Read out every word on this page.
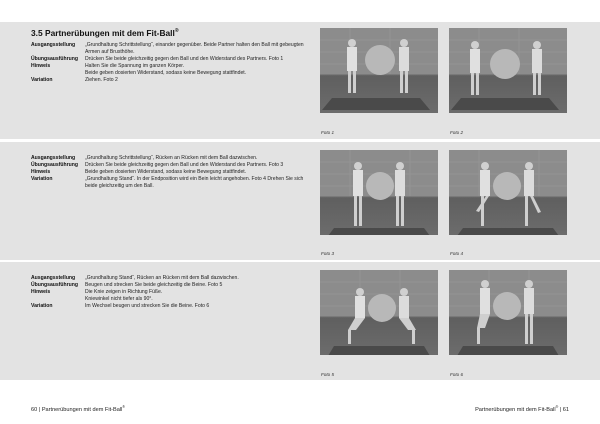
3.5 Partnerübungen mit dem Fit-Ball®
Ausgangsstellung	„Grundhaltung Schrittstellung“, einander gegenüber. Beide Partner halten den Ball mit gebeugten Armen auf Brusthöhe.
Übungsausführung	Drücken Sie beide gleichzeitig gegen den Ball und den Widerstand des Partners. Foto 1
Hinweis	Halten Sie die Spannung im ganzen Körper.
Beide geben dosierten Widerstand, sodass keine Bewegung stattfindet.
Variation	Ziehen. Foto 2
Ausgangsstellung	„Grundhaltung Schrittstellung“, Rücken an Rücken mit dem Ball dazwischen.
Übungsausführung	Drücken Sie beide gleichzeitig gegen den Ball und den Widerstand des Partners. Foto 3
Hinweis	Beide geben dosierten Widerstand, sodass keine Bewegung stattfindet.
Variation	„Grundhaltung Stand“. In der Endposition wird ein Bein leicht angehoben. Foto 4 Drehen Sie sich beide gleichzeitig um den Ball.
Ausgangsstellung	„Grundhaltung Stand“, Rücken an Rücken mit dem Ball dazwischen.
Übungsausführung	Beugen und strecken Sie beide gleichzeitig die Beine. Foto 5
Hinweis	Die Knie zeigen in Richtung Füße.
Kniewinkel nicht tiefer als 90°.
Variation	Im Wechsel beugen und strecken Sie die Beine. Foto 6
Foto 1	Foto 2
Foto 3	Foto 4
Foto 5	Foto 6
60 | Partnerübungen mit dem Fit-Ball®	Partnerübungen mit dem Fit-Ball® | 61
